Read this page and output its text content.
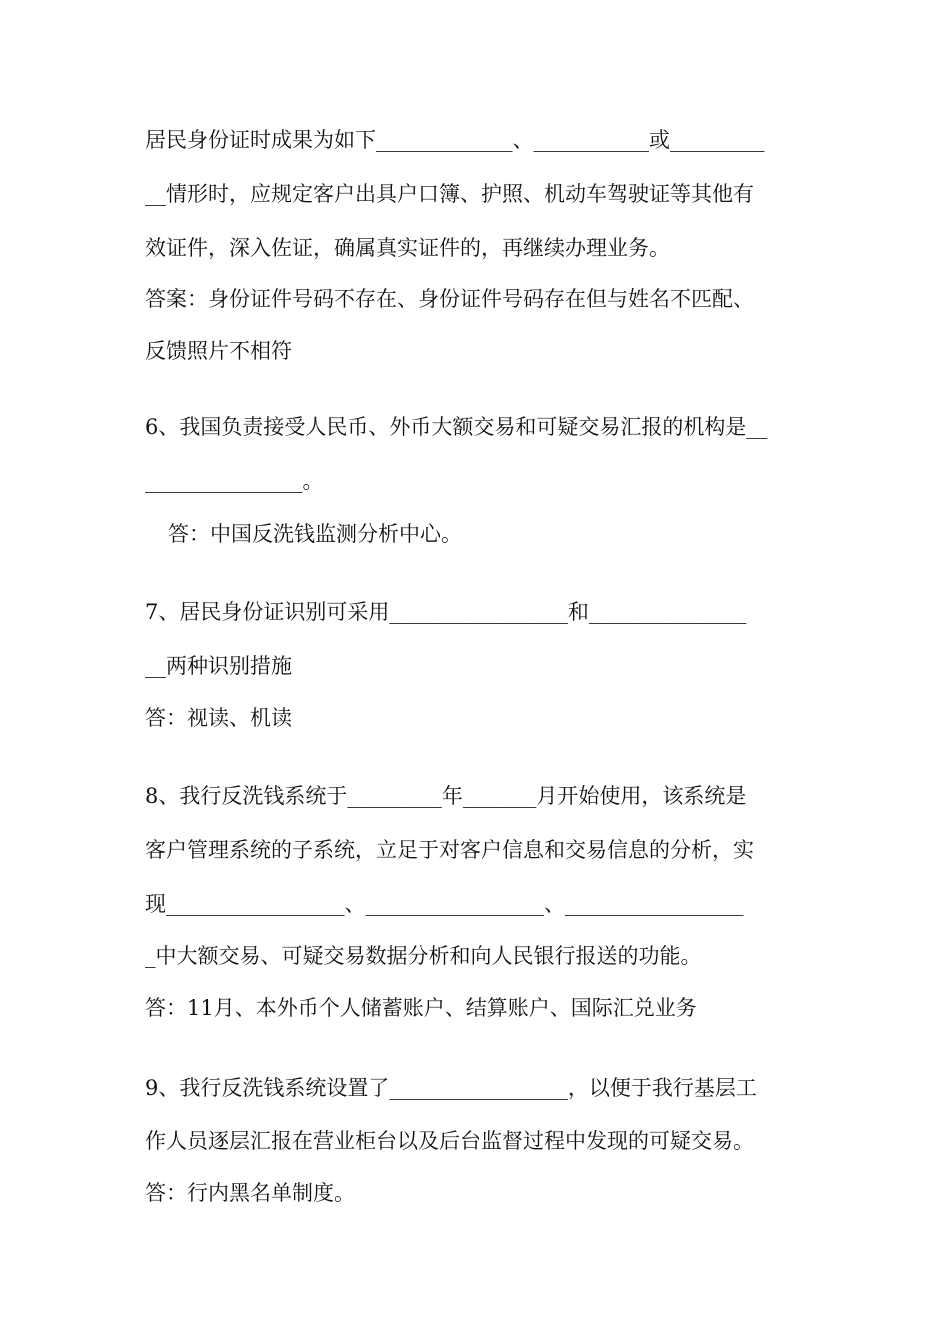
居民身份证时成果为如下_____________、___________或_________

__情形时，应规定客户出具户口簿、护照、机动车驾驶证等其他有

效证件，深入佐证，确属真实证件的，再继续办理业务。

答案：身份证件号码不存在、身份证件号码存在但与姓名不匹配、

反馈照片不相符

6、我国负责接受人民币、外币大额交易和可疑交易汇报的机构是__

_______________。

答：中国反洗钱监测分析中心。

7、居民身份证识别可采用_________________和_______________

__两种识别措施

答：视读、机读

8、我行反洗钱系统于_________年_______月开始使用，该系统是

客户管理系统的子系统，立足于对客户信息和交易信息的分析，实

现_________________、_________________、_________________

_中大额交易、可疑交易数据分析和向人民银行报送的功能。

答：11月、本外币个人储蓄账户、结算账户、国际汇兑业务

9、我行反洗钱系统设置了_________________，以便于我行基层工

作人员逐层汇报在营业柜台以及后台监督过程中发现的可疑交易。

答：行内黑名单制度。
